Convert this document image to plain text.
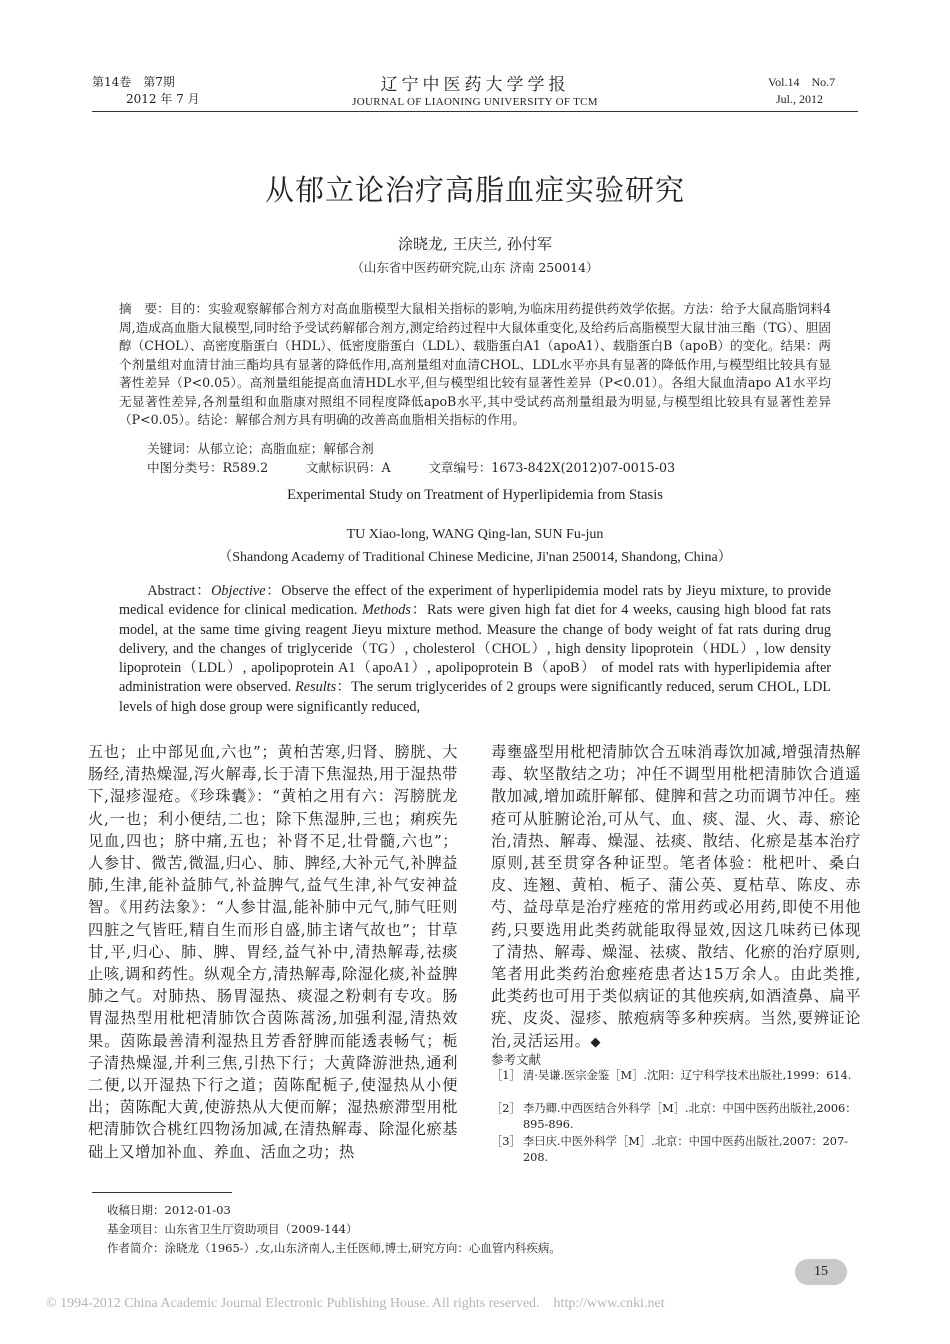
第14卷　第7期
2012 年 7 月
辽宁中医药大学学报
JOURNAL OF LIAONING UNIVERSITY OF TCM
Vol.14　No.7
Jul., 2012
从郁立论治疗高脂血症实验研究
涂晓龙, 王庆兰, 孙付军
（山东省中医药研究院,山东 济南 250014）
摘　要：目的：实验观察解郁合剂方对高血脂模型大鼠相关指标的影响,为临床用药提供药效学依据。方法：给予大鼠高脂饲料4周,造成高血脂大鼠模型,同时给予受试药解郁合剂方,测定给药过程中大鼠体重变化,及给药后高脂模型大鼠甘油三酯（TG）、胆固醇（CHOL）、高密度脂蛋白（HDL）、低密度脂蛋白（LDL）、载脂蛋白A1（apoA1）、载脂蛋白B（apoB）的变化。结果：两个剂量组对血清甘油三酯均具有显著的降低作用,高剂量组对血清CHOL、LDL水平亦具有显著的降低作用,与模型组比较具有显著性差异（P<0.05）。高剂量组能提高血清HDL水平,但与模型组比较有显著性差异（P<0.01）。各组大鼠血清apo A1水平均无显著性差异,各剂量组和血脂康对照组不同程度降低apoB水平,其中受试药高剂量组最为明显,与模型组比较具有显著性差异（P<0.05）。结论：解郁合剂方具有明确的改善高血脂相关指标的作用。
关键词：从郁立论；高脂血症；解郁合剂
中图分类号：R589.2　　　文献标识码：A　　　文章编号：1673-842X(2012)07-0015-03
Experimental Study on Treatment of Hyperlipidemia from Stasis
TU Xiao-long, WANG Qing-lan, SUN Fu-jun
（Shandong Academy of Traditional Chinese Medicine, Ji'nan 250014, Shandong, China）
  Abstract：Objective：Observe the effect of the experiment of hyperlipidemia model rats by Jieyu mixture, to provide medical evidence for clinical medication. Methods：Rats were given high fat diet for 4 weeks, causing high blood fat rats model, at the same time giving reagent Jieyu mixture method. Measure the change of body weight of fat rats during drug delivery, and the changes of triglyceride（TG）, cholesterol（CHOL）, high density lipoprotein（HDL）, low density lipoprotein（LDL）, apolipoprotein A1（apoA1）, apolipoprotein B（apoB） of model rats with hyperlipidemia after administration were observed. Results：The serum triglycerides of 2 groups were significantly reduced, serum CHOL, LDL levels of high dose group were significantly reduced,
五也；止中部见血,六也”；黄柏苦寒,归肾、膀胱、大肠经,清热燥湿,泻火解毒,长于清下焦湿热,用于湿热带下,湿疹湿疮。《珍珠囊》：“黄柏之用有六：泻膀胱龙火,一也；利小便结,二也；除下焦湿肿,三也；痢疾先见血,四也；脐中痛,五也；补肾不足,壮骨髓,六也”；人参甘、微苦,微温,归心、肺、脾经,大补元气,补脾益肺,生津,能补益肺气,补益脾气,益气生津,补气安神益智。《用药法象》：“人参甘温,能补肺中元气,肺气旺则四脏之气皆旺,精自生而形自盛,肺主诸气故也”；甘草甘,平,归心、肺、脾、胃经,益气补中,清热解毒,祛痰止咳,调和药性。纵观全方,清热解毒,除湿化痰,补益脾肺之气。对肺热、肠胃湿热、痰湿之粉刺有专攻。肠胃湿热型用枇杷清肺饮合茵陈蒿汤,加强利湿,清热效果。茵陈最善清利湿热且芳香舒脾而能透表畅气；栀子清热燥湿,并利三焦,引热下行；大黄降游泄热,通利二便,以开湿热下行之道；茵陈配栀子,使湿热从小便出；茵陈配大黄,使游热从大便而解；湿热瘀滞型用枇杷清肺饮合桃红四物汤加减,在清热解毒、除湿化瘀基础上又增加补血、养血、活血之功；热
毒壅盛型用枇杷清肺饮合五味消毒饮加减,增强清热解毒、软坚散结之功；冲任不调型用枇杷清肺饮合逍遥散加减,增加疏肝解郁、健脾和营之功而调节冲任。痤疮可从脏腑论治,可从气、血、痰、湿、火、毒、瘀论治,清热、解毒、燥湿、祛痰、散结、化瘀是基本治疗原则,甚至贯穿各种证型。笔者体验：枇杷叶、桑白皮、连翘、黄柏、栀子、蒲公英、夏枯草、陈皮、赤芍、益母草是治疗痤疮的常用药或必用药,即使不用他药,只要选用此类药就能取得显效,因这几味药已体现了清热、解毒、燥湿、祛痰、散结、化瘀的治疗原则,笔者用此类药治愈痤疮患者达15万余人。由此类推,此类药也可用于类似病证的其他疾病,如酒渣鼻、扁平疣、皮炎、湿疹、脓疱病等多种疾病。当然,要辨证论治,灵活运用。◆
参考文献
［1］ 清·吴谦.医宗金鉴［M］.沈阳：辽宁科学技术出版社,1999：614.
［2］ 李乃卿.中西医结合外科学［M］.北京：中国中医药出版社,2006：895-896.
［3］ 李曰庆.中医外科学［M］.北京：中国中医药出版社,2007：207-208.
收稿日期：2012-01-03
基金项目：山东省卫生厅资助项目（2009-144）
作者简介：涂晓龙（1965-）,女,山东济南人,主任医师,博士,研究方向：心血管内科疾病。
15
© 1994-2012 China Academic Journal Electronic Publishing House. All rights reserved.    http://www.cnki.net
